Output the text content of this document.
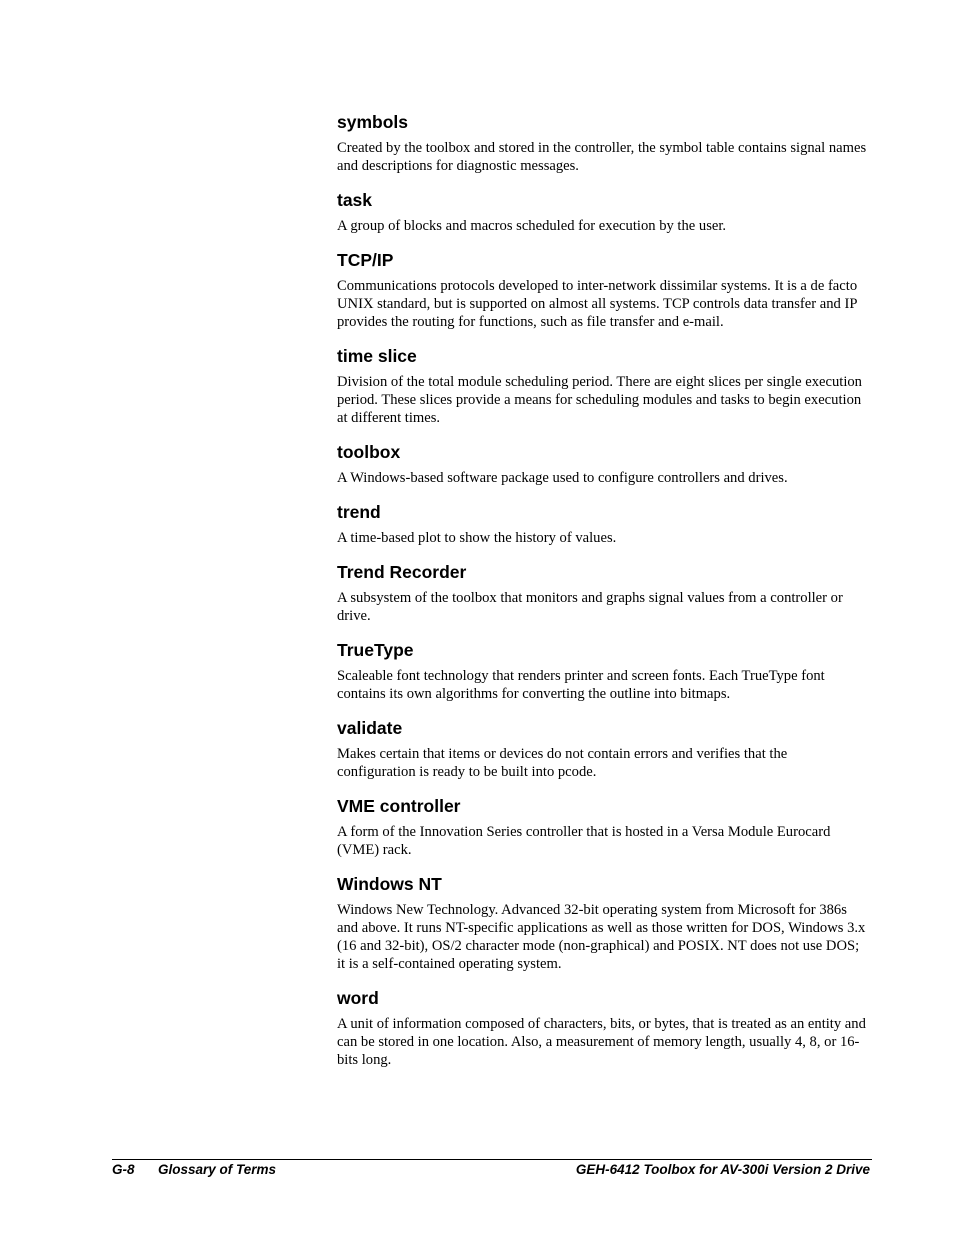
symbols

Created by the toolbox and stored in the controller, the symbol table contains signal names and descriptions for diagnostic messages.

task

A group of blocks and macros scheduled for execution by the user.

TCP/IP

Communications protocols developed to inter-network dissimilar systems. It is a de facto UNIX standard, but is supported on almost all systems. TCP controls data transfer and IP provides the routing for functions, such as file transfer and e-mail.

time slice

Division of the total module scheduling period. There are eight slices per single execution period. These slices provide a means for scheduling modules and tasks to begin execution at different times.

toolbox

A Windows-based software package used to configure controllers and drives.

trend

A time-based plot to show the history of values.

Trend Recorder

A subsystem of the toolbox that monitors and graphs signal values from a controller or drive.

TrueType

Scaleable font technology that renders printer and screen fonts. Each TrueType font contains its own algorithms for converting the outline into bitmaps.

validate

Makes certain that items or devices do not contain errors and verifies that the configuration is ready to be built into pcode.

VME controller

A form of the Innovation Series controller that is hosted in a Versa Module Eurocard (VME) rack.

Windows NT

Windows New Technology. Advanced 32-bit operating system from Microsoft for 386s and above. It runs NT-specific applications as well as those written for DOS, Windows 3.x (16 and 32-bit), OS/2 character mode (non-graphical) and POSIX. NT does not use DOS; it is a self-contained operating system.

word

A unit of information composed of characters, bits, or bytes, that is treated as an entity and can be stored in one location. Also, a measurement of memory length, usually 4, 8, or 16-bits long.

G-8 Glossary of Terms	GEH-6412 Toolbox for AV-300i Version 2 Drive
